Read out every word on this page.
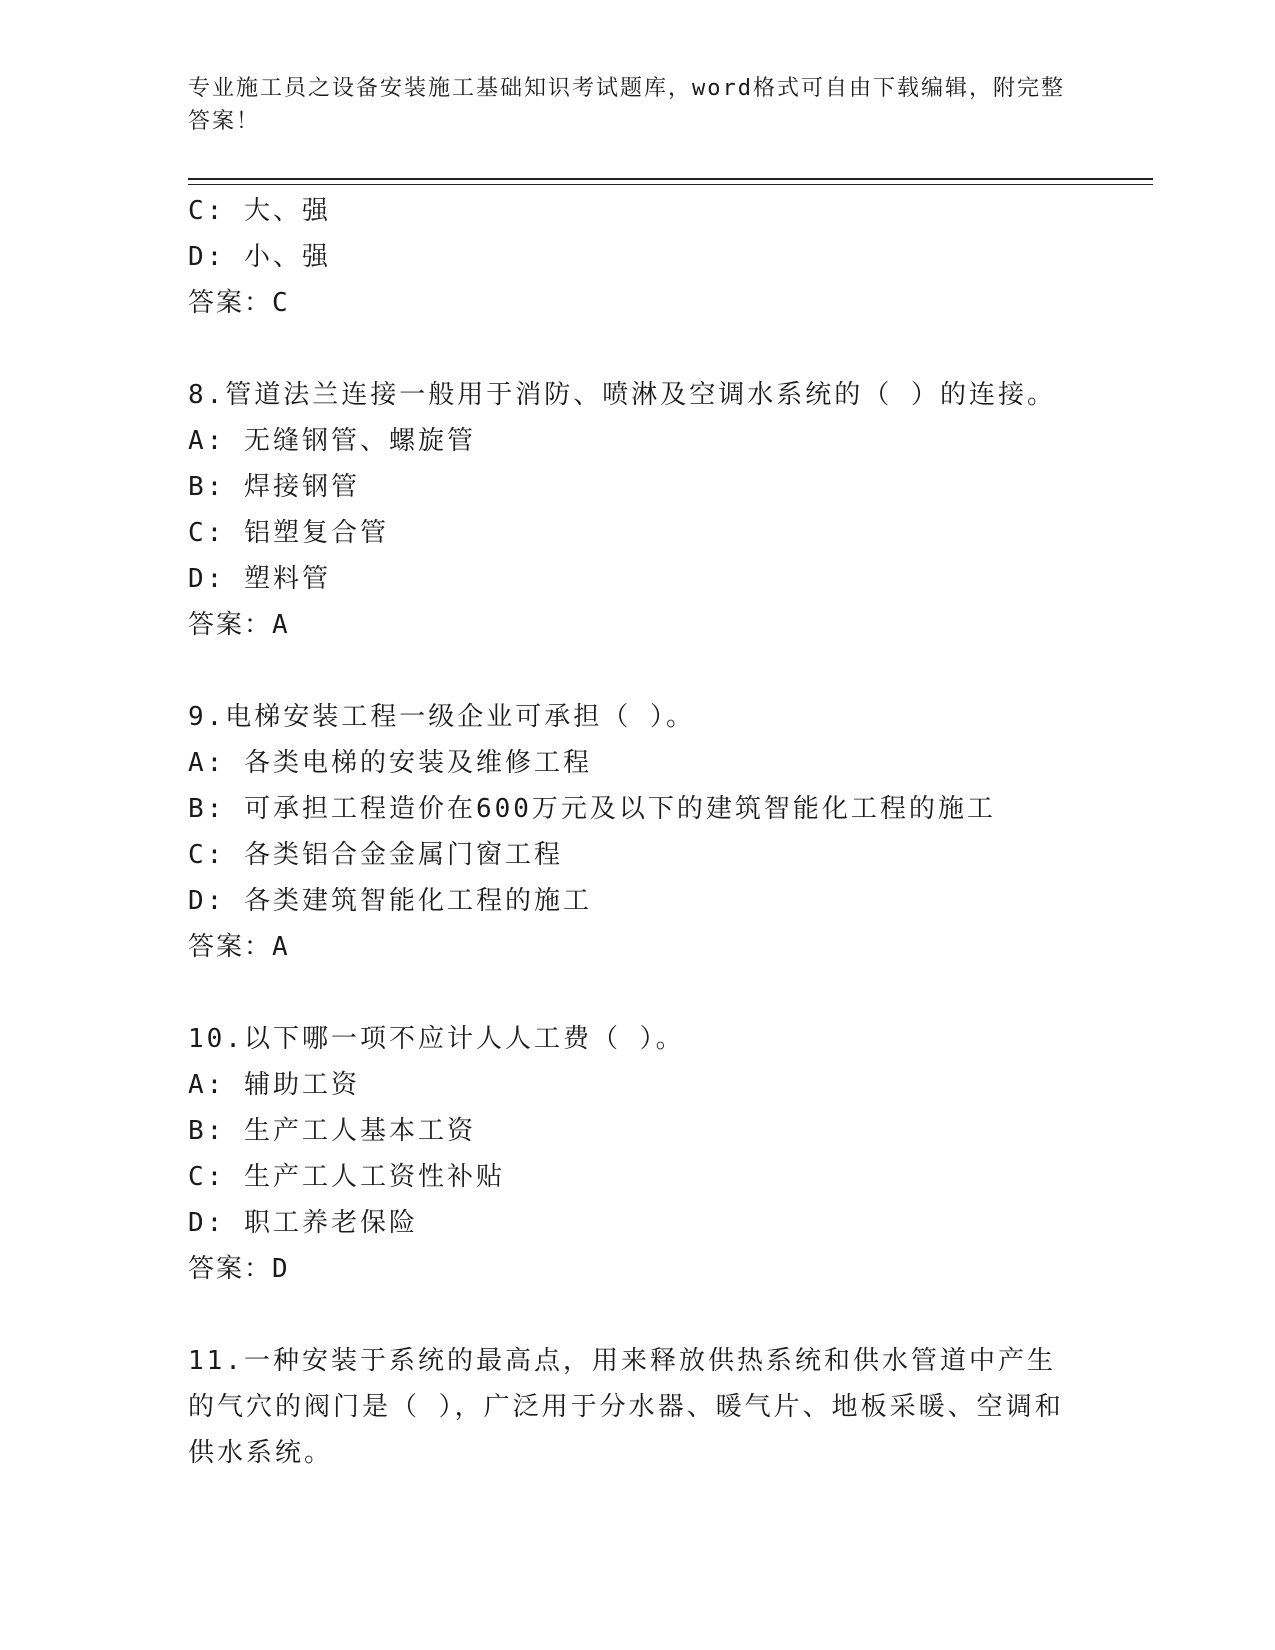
专业施工员之设备安装施工基础知识考试题库，word格式可自由下载编辑，附完整答案！
C: 大、强
D: 小、强
答案：C
8.管道法兰连接一般用于消防、喷淋及空调水系统的（ ）的连接。
A: 无缝钢管、螺旋管
B: 焊接钢管
C: 铝塑复合管
D: 塑料管
答案：A
9.电梯安装工程一级企业可承担（ ）。
A: 各类电梯的安装及维修工程
B: 可承担工程造价在600万元及以下的建筑智能化工程的施工
C: 各类铝合金金属门窗工程
D: 各类建筑智能化工程的施工
答案：A
10.以下哪一项不应计人人工费（ ）。
A: 辅助工资
B: 生产工人基本工资
C: 生产工人工资性补贴
D: 职工养老保险
答案：D
11.一种安装于系统的最高点，用来释放供热系统和供水管道中产生的气穴的阀门是（ ），广泛用于分水器、暖气片、地板采暖、空调和供水系统。
